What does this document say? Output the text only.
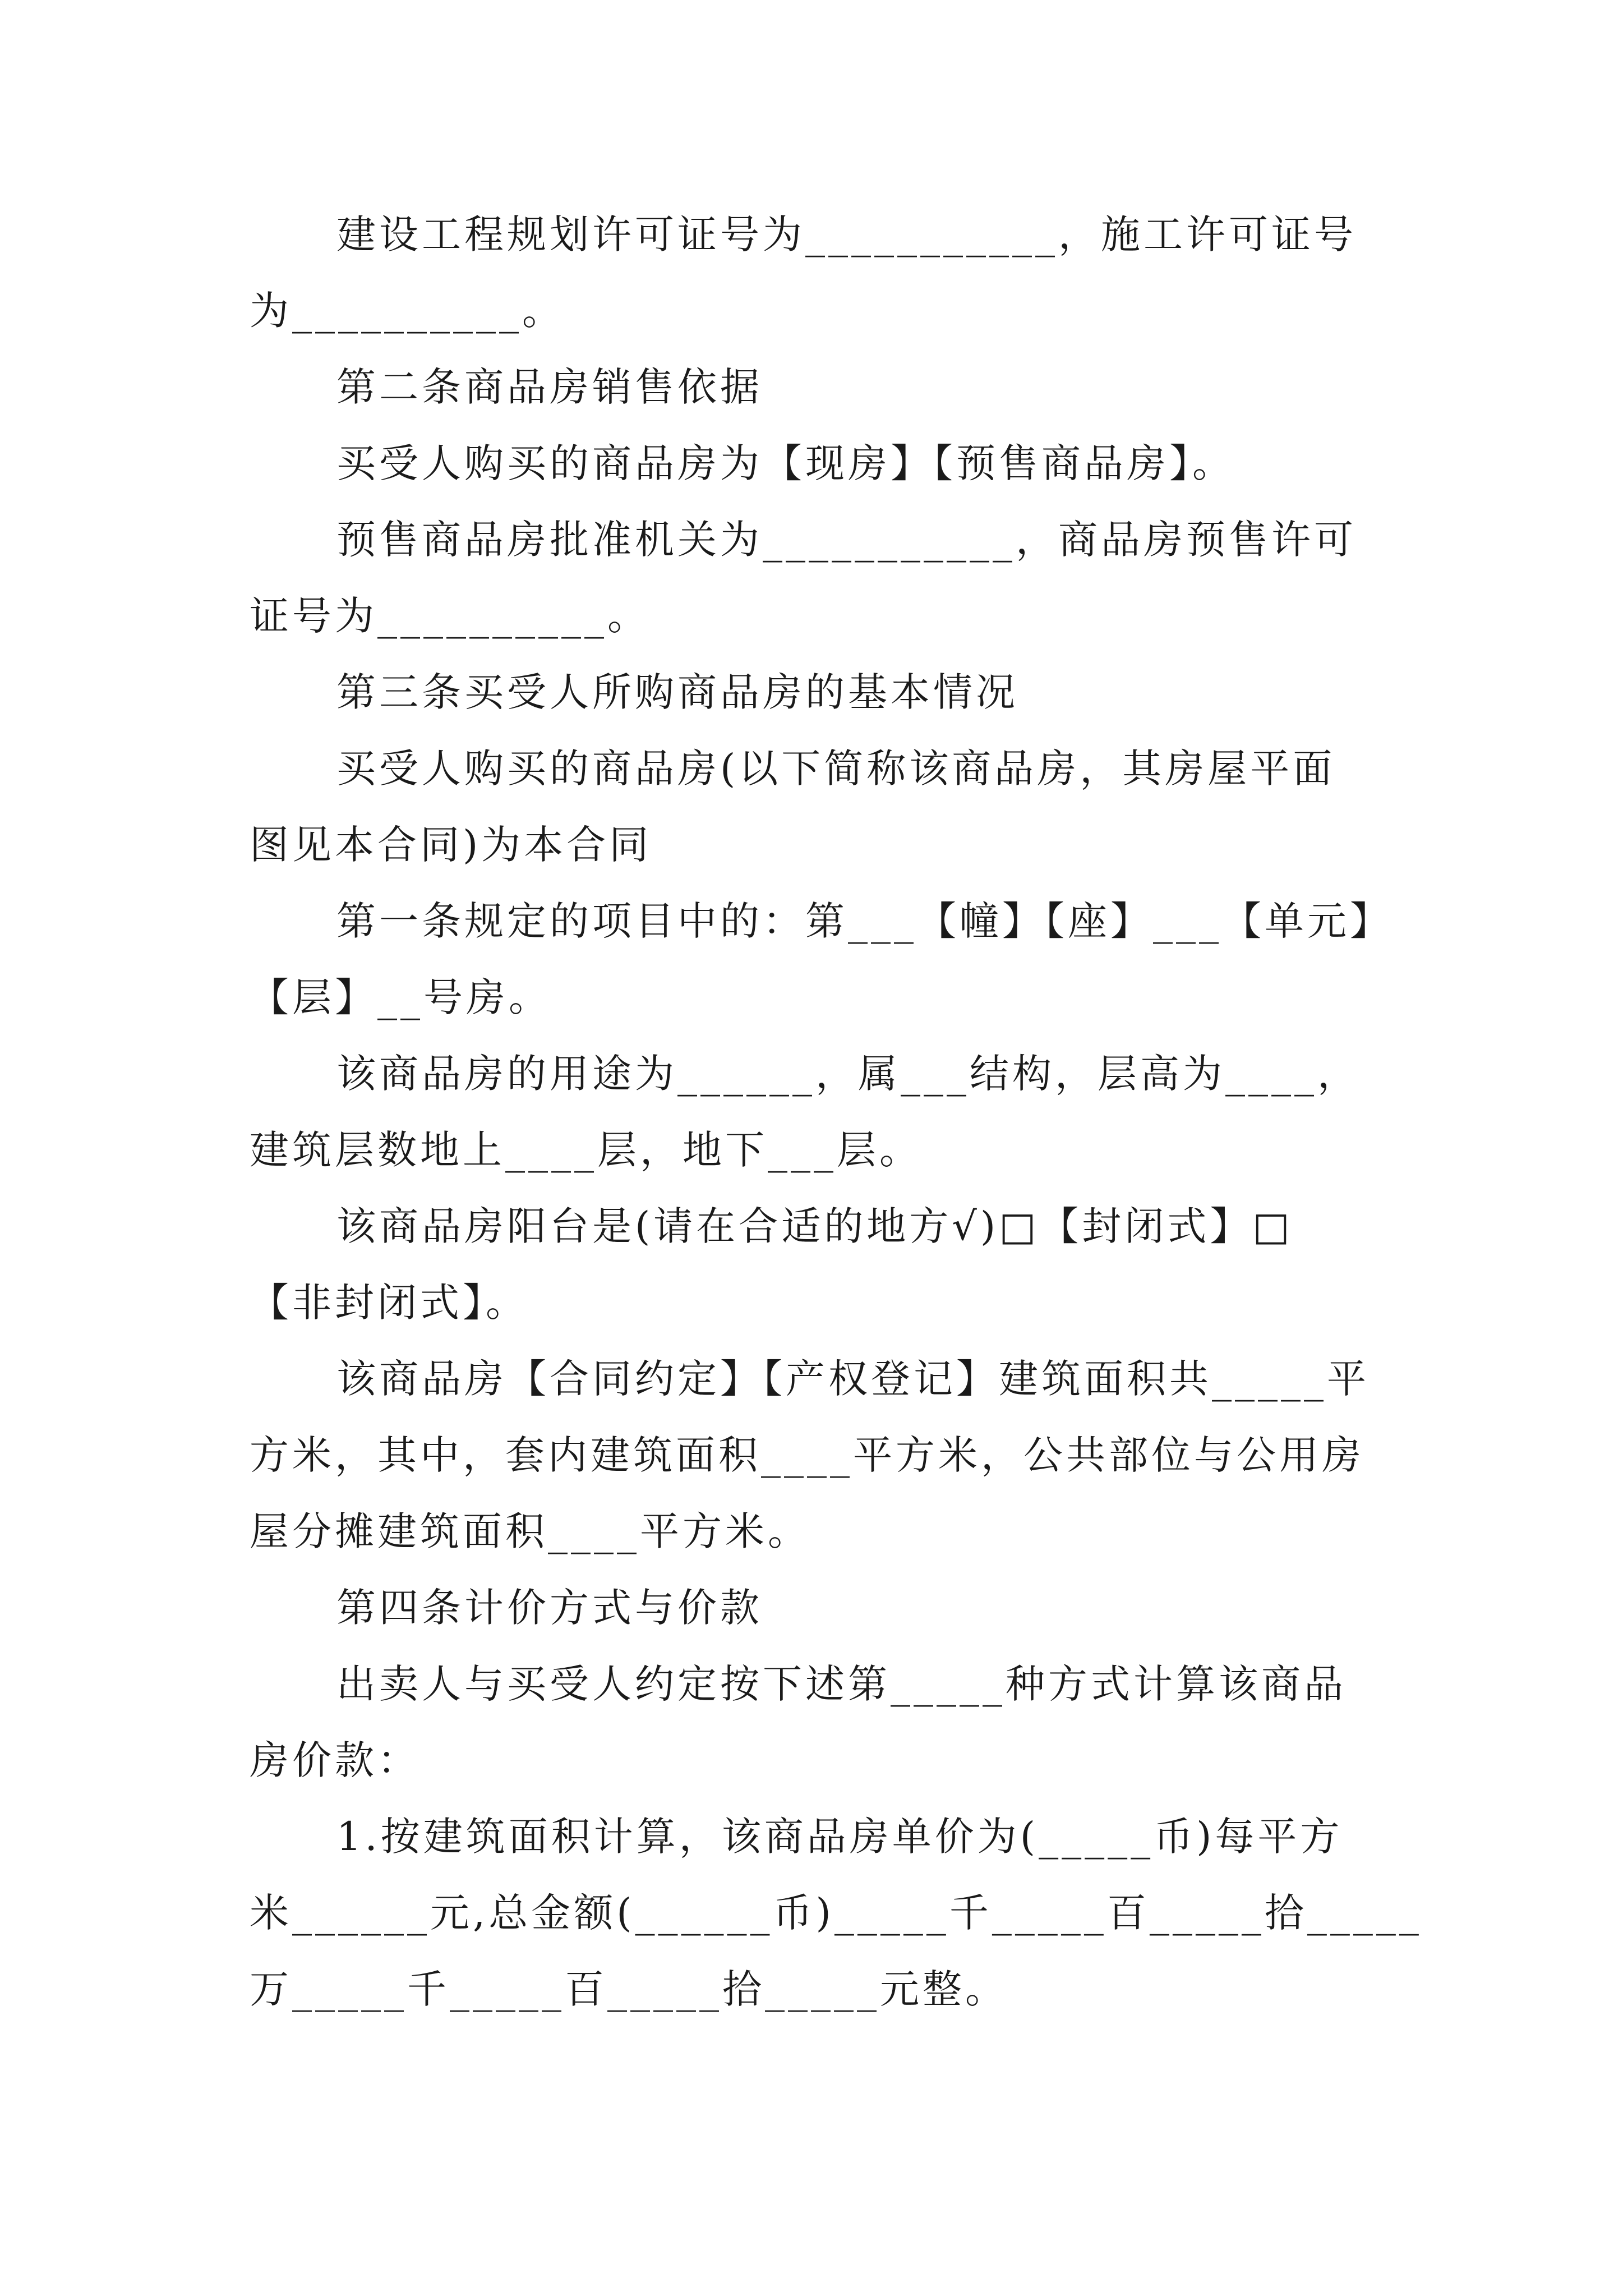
建设工程规划许可证号为___________，施工许可证号

为__________。

第二条商品房销售依据

买受人购买的商品房为【现房】【预售商品房】。

预售商品房批准机关为___________，商品房预售许可

证号为__________。

第三条买受人所购商品房的基本情况

买受人购买的商品房(以下简称该商品房，其房屋平面

图见本合同)为本合同

第一条规定的项目中的：第___【幢】【座】___【单元】

【层】__号房。

该商品房的用途为______，属___结构，层高为____，

建筑层数地上____层，地下___层。

该商品房阳台是(请在合适的地方√)□【封闭式】□

【非封闭式】。

该商品房【合同约定】【产权登记】建筑面积共_____平

方米，其中，套内建筑面积____平方米，公共部位与公用房

屋分摊建筑面积____平方米。

第四条计价方式与价款

出卖人与买受人约定按下述第_____种方式计算该商品

房价款：

1.按建筑面积计算，该商品房单价为(_____币)每平方

米______元,总金额(______币)_____千_____百_____拾_____

万_____千_____百_____拾_____元整。
